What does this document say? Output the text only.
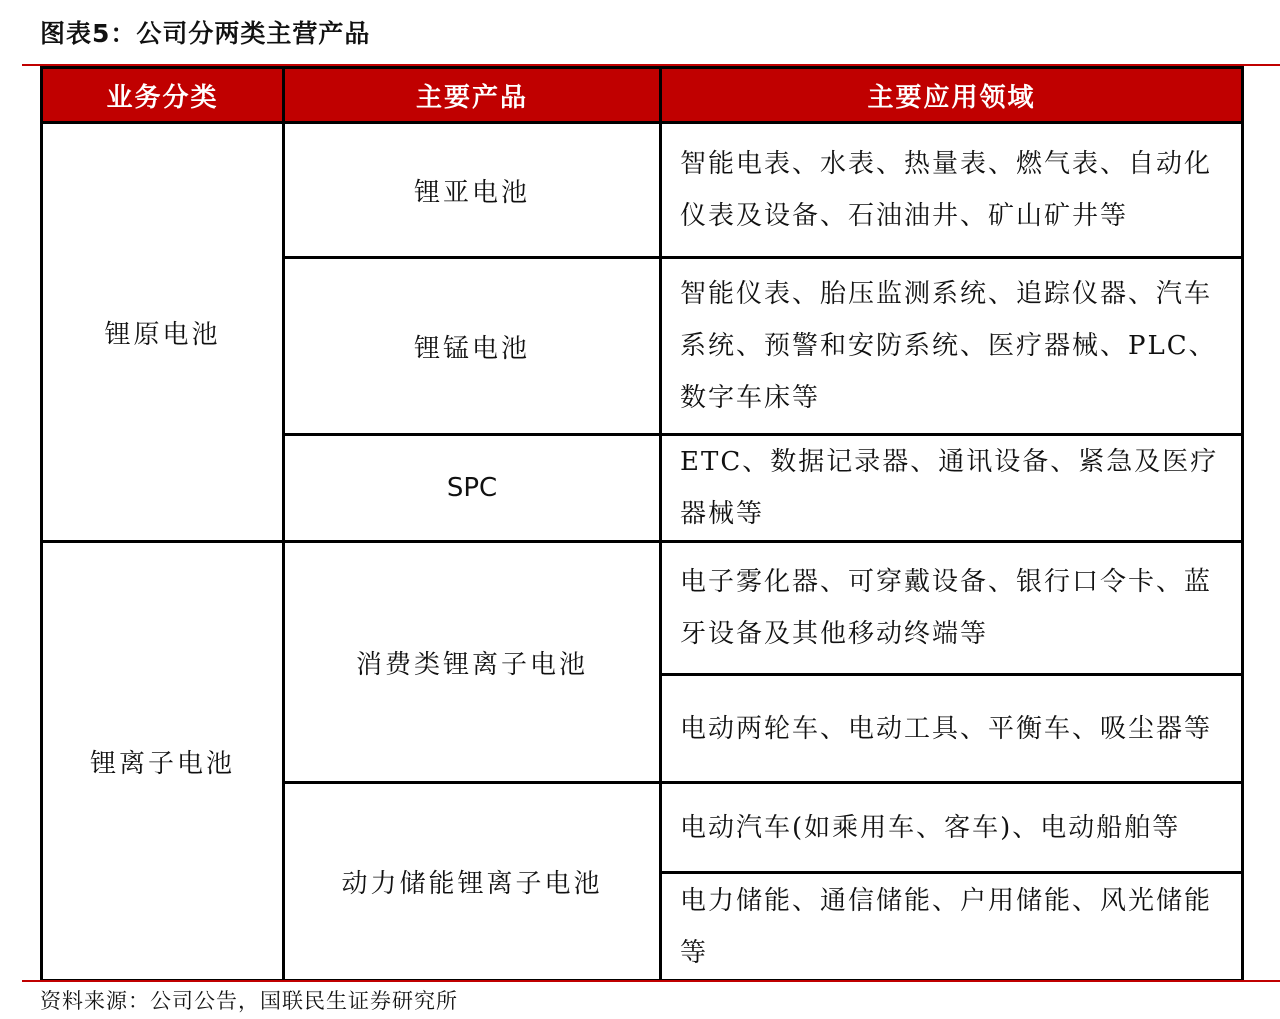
图表5：公司分两类主营产品
业务分类	主要产品	主要应用领域
锂原电池	锂亚电池	智能电表、水表、热量表、燃气表、自动化仪表及设备、石油油井、矿山矿井等
	锂锰电池	智能仪表、胎压监测系统、追踪仪器、汽车系统、预警和安防系统、医疗器械、PLC、数字车床等
	SPC	ETC、数据记录器、通讯设备、紧急及医疗器械等
锂离子电池	消费类锂离子电池	电子雾化器、可穿戴设备、银行口令卡、蓝牙设备及其他移动终端等
		电动两轮车、电动工具、平衡车、吸尘器等
	动力储能锂离子电池	电动汽车(如乘用车、客车)、电动船舶等
		电力储能、通信储能、户用储能、风光储能等
资料来源：公司公告，国联民生证券研究所
